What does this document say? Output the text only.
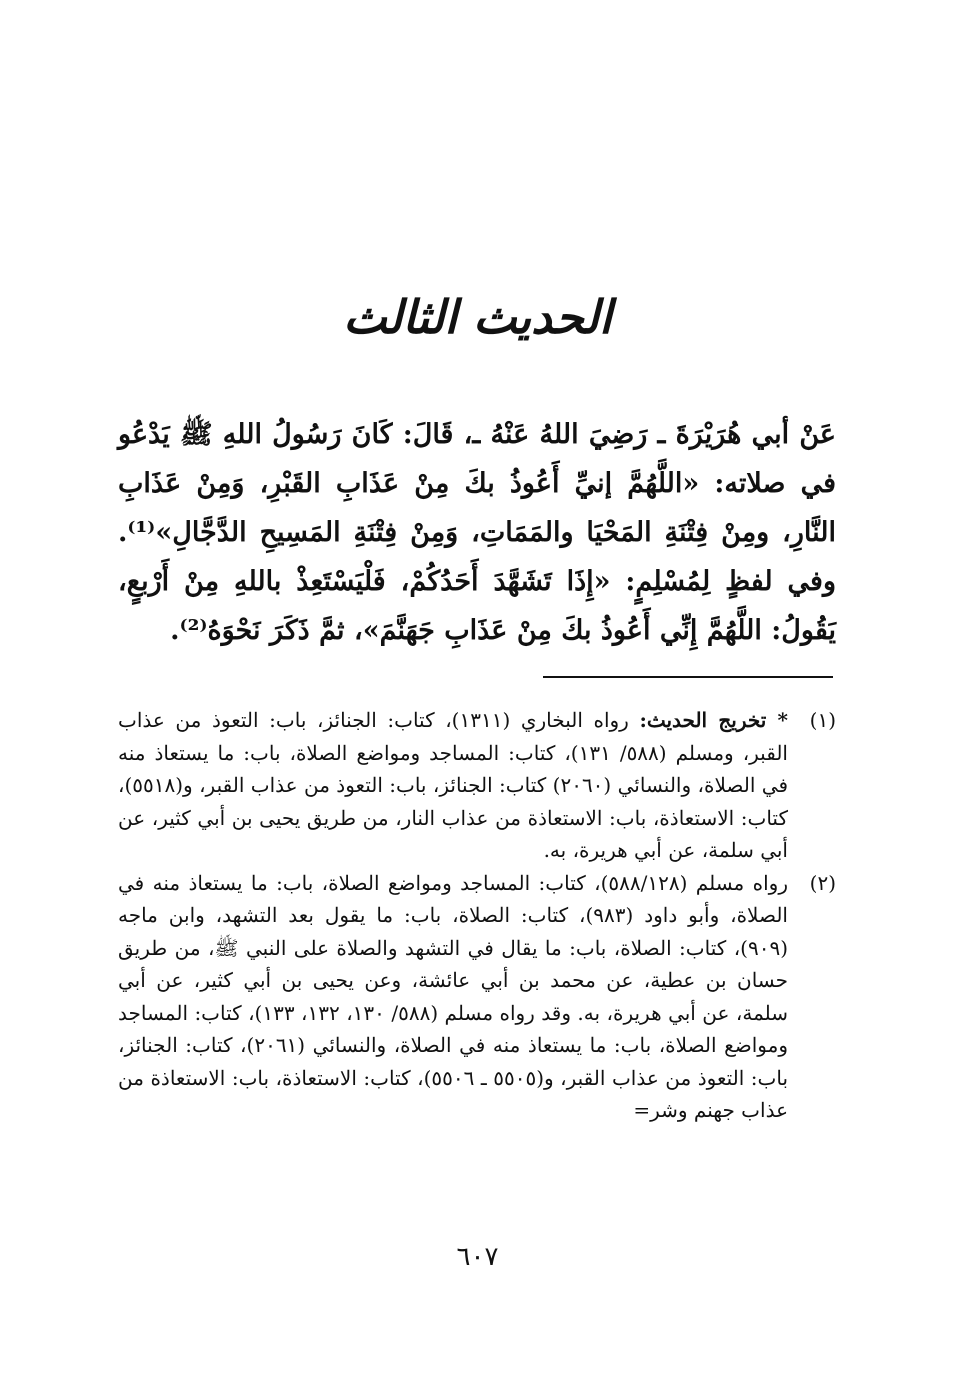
الحديث الثالث
عَنْ أبي هُرَيْرَةَ ـ رَضِيَ اللهُ عَنْهُ ـ، قَالَ: كَانَ رَسُولُ اللهِ ﷺ يَدْعُو في صلاته: «اللَّهُمَّ إنيِّ أَعُوذُ بكَ مِنْ عَذَابِ القَبْرِ، وَمِنْ عَذَابِ النَّارِ، ومِنْ فِتْنَةِ المَحْيَا والمَمَاتِ، وَمِنْ فِتْنَةِ المَسِيحِ الدَّجَّالِ»⁽¹⁾. وفي لفظٍ لِمُسْلِمٍ: «إِذَا تَشَهَّدَ أَحَدُكُمْ، فَلْيَسْتَعِذْ باللهِ مِنْ أَرْبعٍ، يَقُولُ: اللَّهُمَّ إِنِّي أَعُوذُ بكَ مِنْ عَذَابِ جَهَنَّمَ»، ثمَّ ذَكَرَ نَحْوَهُ⁽²⁾.

(١)
* تخريج الحديث: رواه البخاري (١٣١١)، كتاب: الجنائز، باب: التعوذ من عذاب القبر، ومسلم (٥٨٨/ ١٣١)، كتاب: المساجد ومواضع الصلاة، باب: ما يستعاذ منه في الصلاة، والنسائي (٢٠٦٠) كتاب: الجنائز، باب: التعوذ من عذاب القبر، و(٥٥١٨)، كتاب: الاستعاذة، باب: الاستعاذة من عذاب النار، من طريق يحيى بن أبي كثير، عن أبي سلمة، عن أبي هريرة، به.

(٢)
رواه مسلم (٥٨٨/١٢٨)، كتاب: المساجد ومواضع الصلاة، باب: ما يستعاذ منه في الصلاة، وأبو داود (٩٨٣)، كتاب: الصلاة، باب: ما يقول بعد التشهد، وابن ماجه (٩٠٩)، كتاب: الصلاة، باب: ما يقال في التشهد والصلاة على النبي ﷺ، من طريق حسان بن عطية، عن محمد بن أبي عائشة، وعن يحيى بن أبي كثير، عن أبي سلمة، عن أبي هريرة، به. وقد رواه مسلم (٥٨٨/ ١٣٠، ١٣٢، ١٣٣)، كتاب: المساجد ومواضع الصلاة، باب: ما يستعاذ منه في الصلاة، والنسائي (٢٠٦١)، كتاب: الجنائز، باب: التعوذ من عذاب القبر، و(٥٥٠٥ ـ ٥٥٠٦)، كتاب: الاستعاذة، باب: الاستعاذة من عذاب جهنم وشر=

٦٠٧
